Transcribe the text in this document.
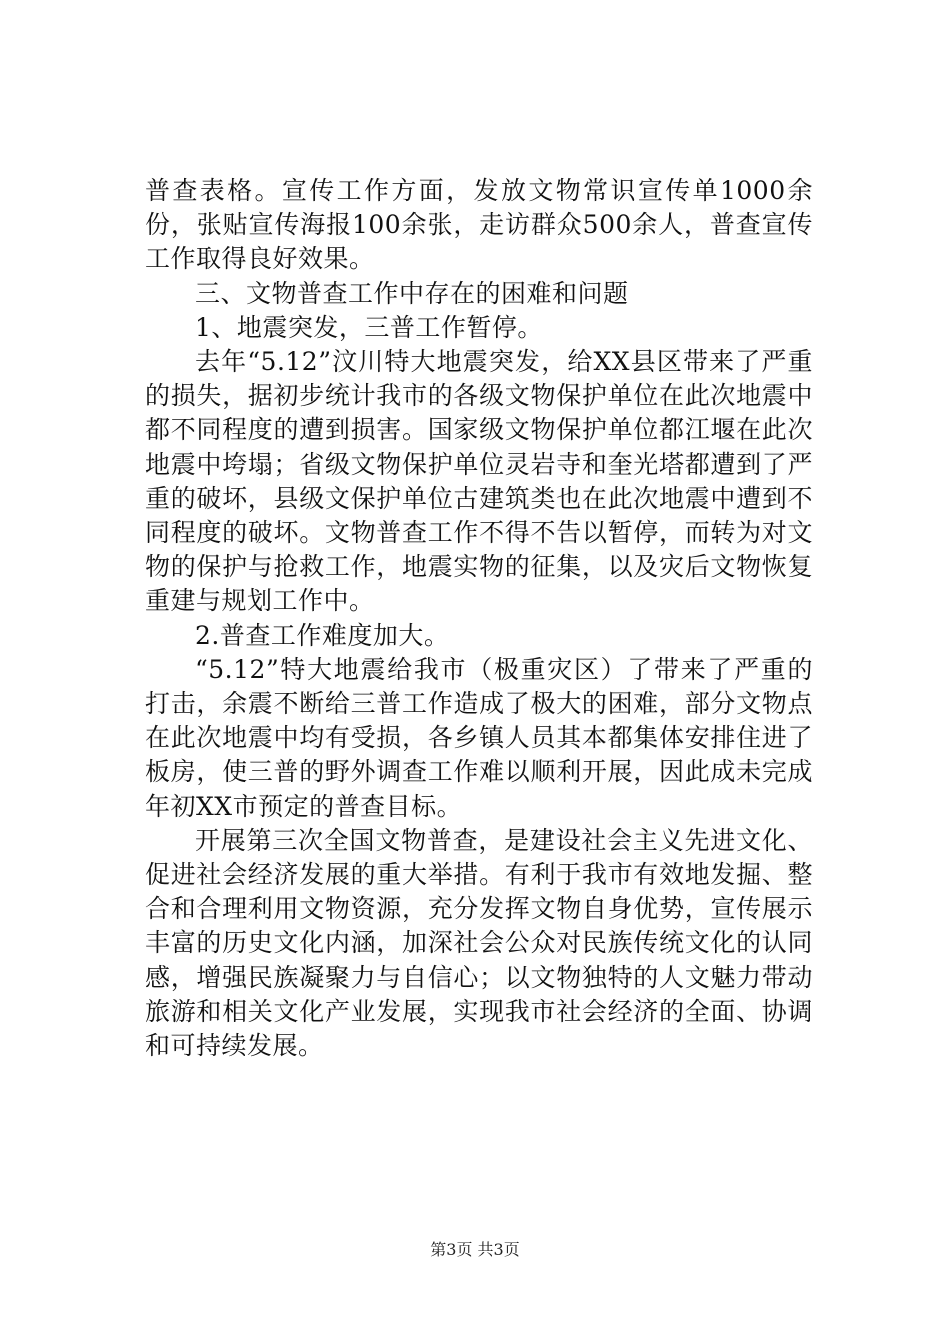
普查表格。宣传工作方面，发放文物常识宣传单1000余份，张贴宣传海报100余张，走访群众500余人，普查宣传工作取得良好效果。

三、文物普查工作中存在的困难和问题

1、地震突发，三普工作暂停。

去年“5.12”汶川特大地震突发，给XX县区带来了严重的损失，据初步统计我市的各级文物保护单位在此次地震中都不同程度的遭到损害。国家级文物保护单位都江堰在此次地震中垮塌；省级文物保护单位灵岩寺和奎光塔都遭到了严重的破坏，县级文保护单位古建筑类也在此次地震中遭到不同程度的破坏。文物普查工作不得不告以暂停，而转为对文物的保护与抢救工作，地震实物的征集，以及灾后文物恢复重建与规划工作中。

2.普查工作难度加大。

“5.12”特大地震给我市（极重灾区）了带来了严重的打击，余震不断给三普工作造成了极大的困难，部分文物点在此次地震中均有受损，各乡镇人员其本都集体安排住进了板房，使三普的野外调查工作难以顺利开展，因此成未完成年初XX市预定的普查目标。

开展第三次全国文物普查，是建设社会主义先进文化、促进社会经济发展的重大举措。有利于我市有效地发掘、整合和合理利用文物资源，充分发挥文物自身优势，宣传展示丰富的历史文化内涵，加深社会公众对民族传统文化的认同感，增强民族凝聚力与自信心；以文物独特的人文魅力带动旅游和相关文化产业发展，实现我市社会经济的全面、协调和可持续发展。

第3页 共3页
